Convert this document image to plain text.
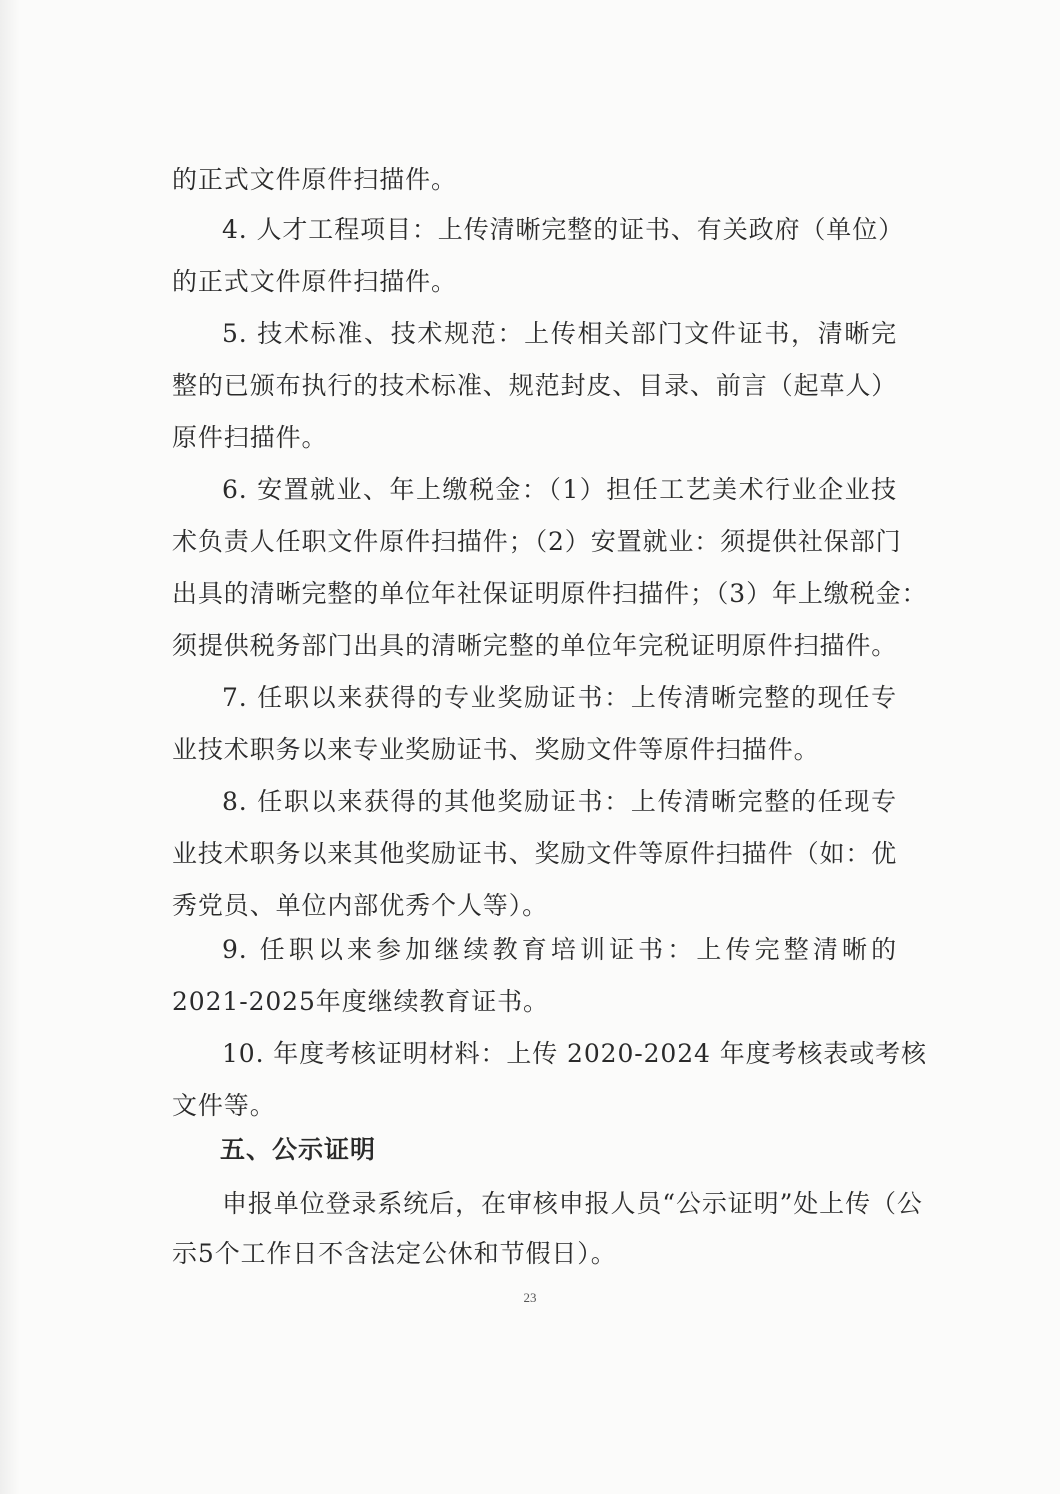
的正式文件原件扫描件。
4. 人才工程项目：上传清晰完整的证书、有关政府（单位）
的正式文件原件扫描件。
5. 技术标准、技术规范：上传相关部门文件证书，清晰完
整的已颁布执行的技术标准、规范封皮、目录、前言（起草人）
原件扫描件。
6. 安置就业、年上缴税金：（1）担任工艺美术行业企业技
术负责人任职文件原件扫描件；（2）安置就业：须提供社保部门
出具的清晰完整的单位年社保证明原件扫描件；（3）年上缴税金：
须提供税务部门出具的清晰完整的单位年完税证明原件扫描件。
7. 任职以来获得的专业奖励证书：上传清晰完整的现任专
业技术职务以来专业奖励证书、奖励文件等原件扫描件。
8. 任职以来获得的其他奖励证书：上传清晰完整的任现专
业技术职务以来其他奖励证书、奖励文件等原件扫描件（如：优
秀党员、单位内部优秀个人等）。
9. 任职以来参加继续教育培训证书：上传完整清晰的
2021-2025年度继续教育证书。
10. 年度考核证明材料：上传 2020-2024 年度考核表或考核
文件等。
五、公示证明
申报单位登录系统后，在审核申报人员“公示证明”处上传（公
示5个工作日不含法定公休和节假日）。
23
